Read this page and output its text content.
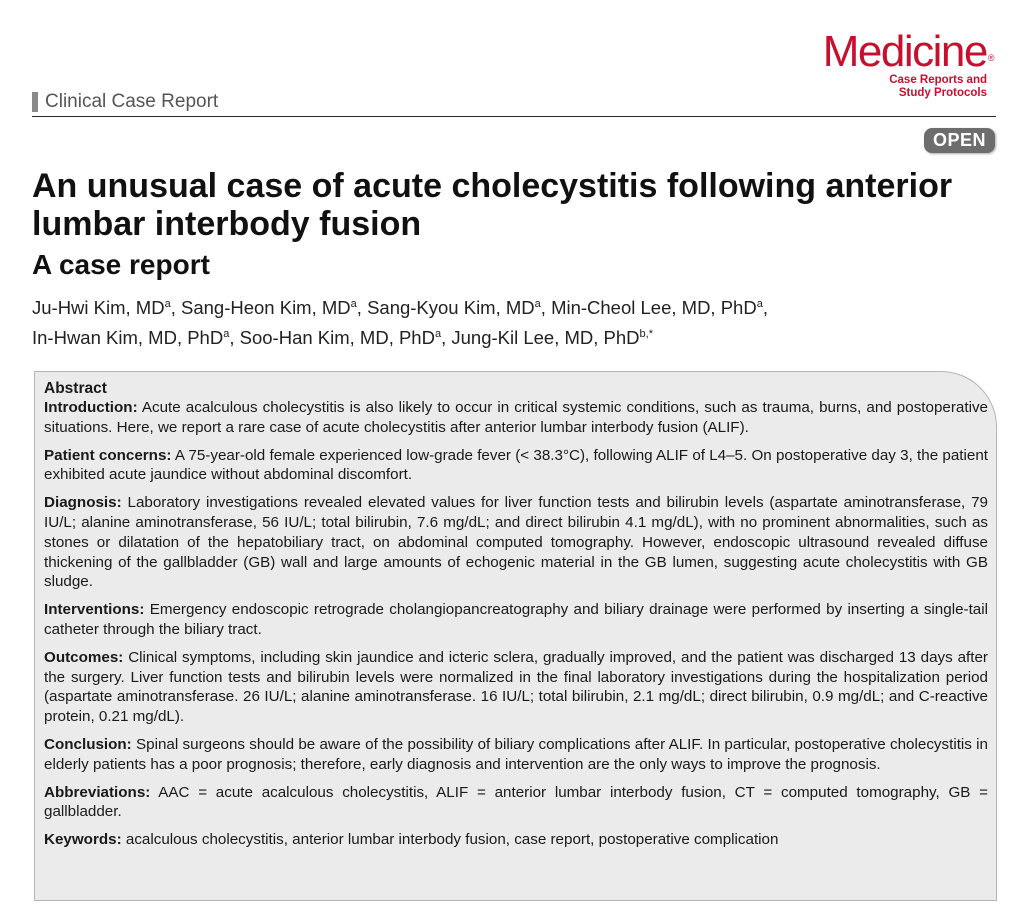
Medicine®
Case Reports and
Study Protocols
Clinical Case Report
OPEN
An unusual case of acute cholecystitis following anterior lumbar interbody fusion
A case report
Ju-Hwi Kim, $MD^a$, Sang-Heon Kim, $MD^a$, Sang-Kyou Kim, $MD^a$, Min-Cheol Lee, MD, PhD$^a$,
In-Hwan Kim, MD, PhD$^a$, Soo-Han Kim, MD, PhD$^a$, Jung-Kil Lee, MD, PhD$^{b,*}$

Abstract

Introduction: Acute acalculous cholecystitis is also likely to occur in critical systemic conditions, such as trauma, burns, and postoperative situations. Here, we report a rare case of acute cholecystitis after anterior lumbar interbody fusion (ALIF).

Patient concerns: A 75-year-old female experienced low-grade fever (< 38.3°C), following ALIF of L4–5. On postoperative day 3, the patient exhibited acute jaundice without abdominal discomfort.

Diagnosis: Laboratory investigations revealed elevated values for liver function tests and bilirubin levels (aspartate aminotransferase, 79 IU/L; alanine aminotransferase, 56 IU/L; total bilirubin, 7.6 mg/dL; and direct bilirubin 4.1 mg/dL), with no prominent abnormalities, such as stones or dilatation of the hepatobiliary tract, on abdominal computed tomography. However, endoscopic ultrasound revealed diffuse thickening of the gallbladder (GB) wall and large amounts of echogenic material in the GB lumen, suggesting acute cholecystitis with GB sludge.

Interventions: Emergency endoscopic retrograde cholangiopancreatography and biliary drainage were performed by inserting a single-tail catheter through the biliary tract.

Outcomes: Clinical symptoms, including skin jaundice and icteric sclera, gradually improved, and the patient was discharged 13 days after the surgery. Liver function tests and bilirubin levels were normalized in the final laboratory investigations during the hospitalization period (aspartate aminotransferase. 26 IU/L; alanine aminotransferase. 16 IU/L; total bilirubin, 2.1 mg/dL; direct bilirubin, 0.9 mg/dL; and C-reactive protein, 0.21 mg/dL).

Conclusion: Spinal surgeons should be aware of the possibility of biliary complications after ALIF. In particular, postoperative cholecystitis in elderly patients has a poor prognosis; therefore, early diagnosis and intervention are the only ways to improve the prognosis.

Abbreviations: AAC = acute acalculous cholecystitis, ALIF = anterior lumbar interbody fusion, CT = computed tomography, GB = gallbladder.

Keywords: acalculous cholecystitis, anterior lumbar interbody fusion, case report, postoperative complication
